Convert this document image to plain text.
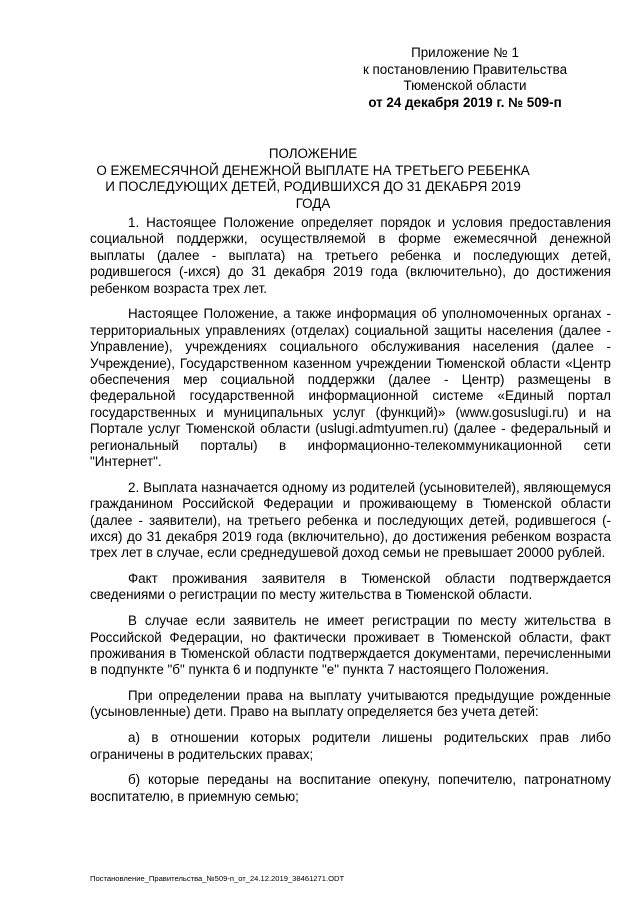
Приложение № 1
к постановлению Правительства
Тюменской области
от 24 декабря 2019 г. № 509-п
ПОЛОЖЕНИЕ
О ЕЖЕМЕСЯЧНОЙ ДЕНЕЖНОЙ ВЫПЛАТЕ НА ТРЕТЬЕГО РЕБЕНКА
И ПОСЛЕДУЮЩИХ ДЕТЕЙ, РОДИВШИХСЯ ДО 31 ДЕКАБРЯ 2019 ГОДА

1. Настоящее Положение определяет порядок и условия предоставления социальной поддержки, осуществляемой в форме ежемесячной денежной выплаты (далее - выплата) на третьего ребенка и последующих детей, родившегося (-ихся) до 31 декабря 2019 года (включительно), до достижения ребенком возраста трех лет.

Настоящее Положение, а также информация об уполномоченных органах - территориальных управлениях (отделах) социальной защиты населения (далее - Управление), учреждениях социального обслуживания населения (далее - Учреждение), Государственном казенном учреждении Тюменской области «Центр обеспечения мер социальной поддержки (далее - Центр) размещены в федеральной государственной информационной системе «Единый портал государственных и муниципальных услуг (функций)» (www.gosuslugi.ru) и на Портале услуг Тюменской области (uslugi.admtyumen.ru) (далее - федеральный и региональный порталы) в информационно-телекоммуникационной сети "Интернет".

2. Выплата назначается одному из родителей (усыновителей), являющемуся гражданином Российской Федерации и проживающему в Тюменской области (далее - заявители), на третьего ребенка и последующих детей, родившегося (-ихся) до 31 декабря 2019 года (включительно), до достижения ребенком возраста трех лет в случае, если среднедушевой доход семьи не превышает 20000 рублей.

Факт проживания заявителя в Тюменской области подтверждается сведениями о регистрации по месту жительства в Тюменской области.

В случае если заявитель не имеет регистрации по месту жительства в Российской Федерации, но фактически проживает в Тюменской области, факт проживания в Тюменской области подтверждается документами, перечисленными в подпункте "б" пункта 6 и подпункте "е" пункта 7 настоящего Положения.

При определении права на выплату учитываются предыдущие рожденные (усыновленные) дети. Право на выплату определяется без учета детей:

а) в отношении которых родители лишены родительских прав либо ограничены в родительских правах;

б) которые переданы на воспитание опекуну, попечителю, патронатному воспитателю, в приемную семью;

Постановление_Правительства_№509-п_от_24.12.2019_38461271.ODT
